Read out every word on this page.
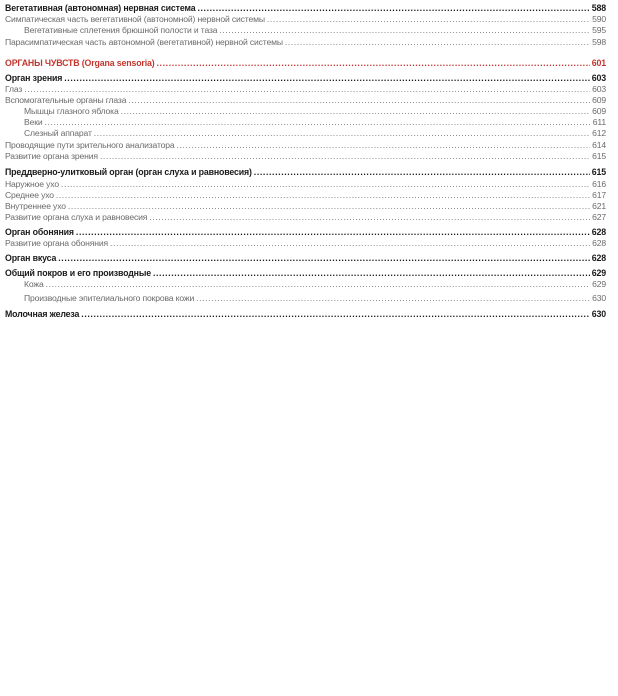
Вегетативная (автономная) нервная система .....	588
Симпатическая часть вегетативной (автономной) нервной системы .....	590
Вегетативные сплетения брюшной полости и таза .....	595
Парасимпатическая часть автономной (вегетативной) нервной системы .....	598
ОРГАНЫ ЧУВСТВ (Organa sensoria) .....	601
Орган зрения .....	603
Глаз .....	603
Вспомогательные органы глаза .....	609
Мышцы глазного яблока .....	609
Веки .....	611
Слезный аппарат .....	612
Проводящие пути зрительного анализатора .....	614
Развитие органа зрения .....	615
Преддверно-улитковый орган (орган слуха и равновесия) .....	615
Наружное ухо .....	616
Среднее ухо .....	617
Внутреннее ухо .....	621
Развитие органа слуха и равновесия .....	627
Орган обоняния .....	628
Развитие органа обоняния .....	628
Орган вкуса .....	628
Общий покров и его производные .....	629
Кожа .....	629
Производные эпителиального покрова кожи .....	630
Молочная железа .....	630
